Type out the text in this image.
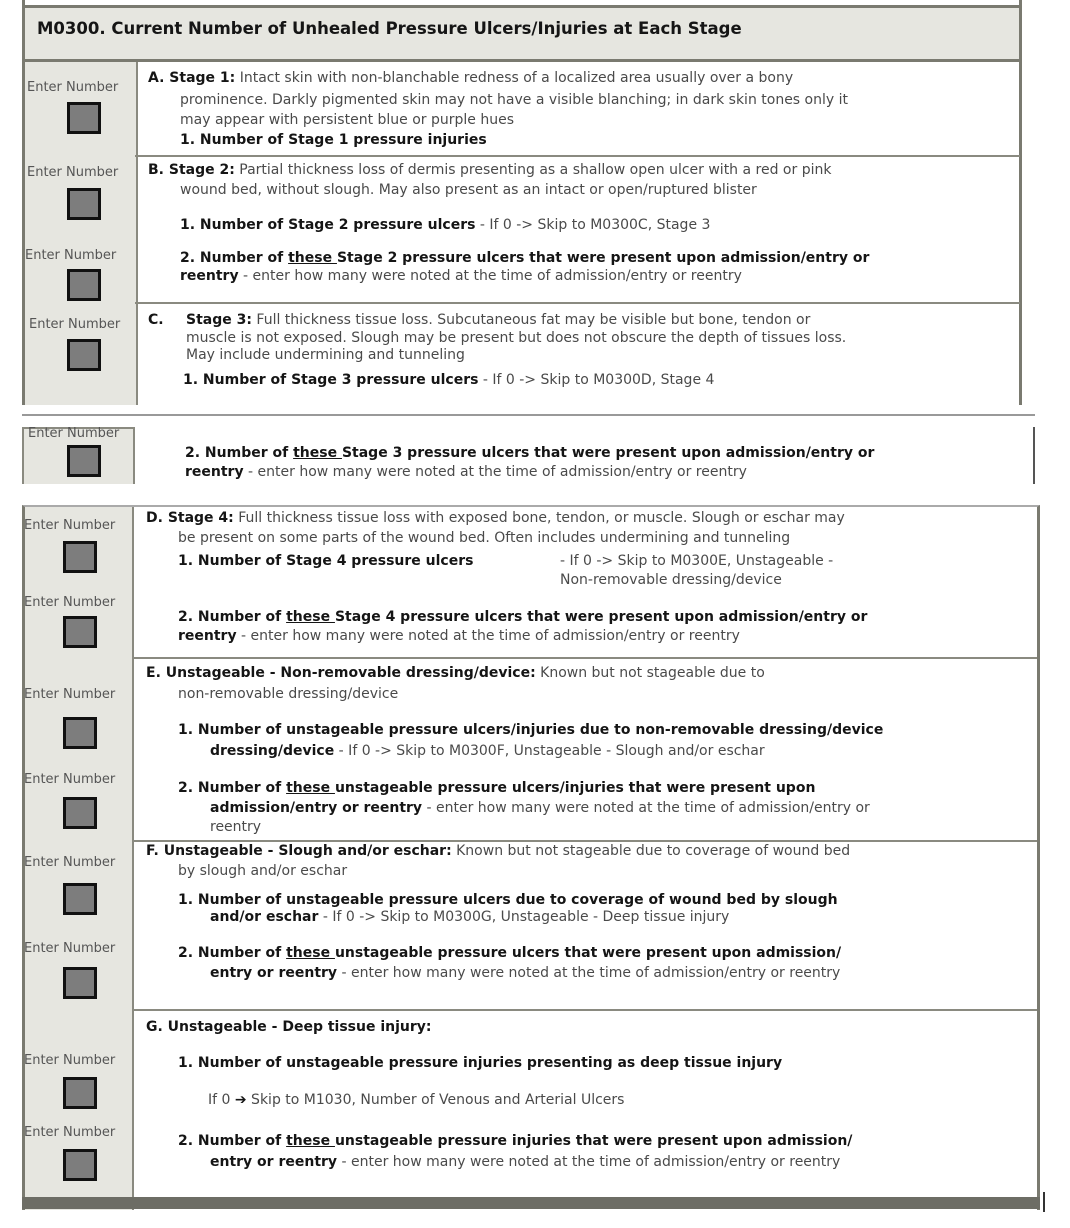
M0300. Current Number of Unhealed Pressure Ulcers/Injuries at Each Stage
A. Stage 1: Intact skin with non-blanchable redness of a localized area usually over a bony
prominence. Darkly pigmented skin may not have a visible blanching; in dark skin tones only it
may appear with persistent blue or purple hues
1. Number of Stage 1 pressure injuries
B. Stage 2: Partial thickness loss of dermis presenting as a shallow open ulcer with a red or pink
wound bed, without slough. May also present as an intact or open/ruptured blister
1. Number of Stage 2 pressure ulcers - If 0 -> Skip to M0300C, Stage 3
2. Number of these Stage 2 pressure ulcers that were present upon admission/entry or
reentry - enter how many were noted at the time of admission/entry or reentry
C. Stage 3: Full thickness tissue loss. Subcutaneous fat may be visible but bone, tendon or
muscle is not exposed. Slough may be present but does not obscure the depth of tissues loss.
May include undermining and tunneling
1. Number of Stage 3 pressure ulcers - If 0 -> Skip to M0300D, Stage 4
2. Number of these Stage 3 pressure ulcers that were present upon admission/entry or
reentry - enter how many were noted at the time of admission/entry or reentry
D. Stage 4: Full thickness tissue loss with exposed bone, tendon, or muscle. Slough or eschar may
be present on some parts of the wound bed. Often includes undermining and tunneling
1. Number of Stage 4 pressure ulcers	- If 0 -> Skip to M0300E, Unstageable -
Non-removable dressing/device
2. Number of these Stage 4 pressure ulcers that were present upon admission/entry or
reentry - enter how many were noted at the time of admission/entry or reentry
E. Unstageable - Non-removable dressing/device: Known but not stageable due to
non-removable dressing/device
1. Number of unstageable pressure ulcers/injuries due to non-removable dressing/device
dressing/device - If 0 -> Skip to M0300F, Unstageable - Slough and/or eschar
2. Number of these unstageable pressure ulcers/injuries that were present upon
admission/entry or reentry - enter how many were noted at the time of admission/entry or
reentry
F. Unstageable - Slough and/or eschar: Known but not stageable due to coverage of wound bed
by slough and/or eschar
1. Number of unstageable pressure ulcers due to coverage of wound bed by slough
and/or eschar - If 0 -> Skip to M0300G, Unstageable - Deep tissue injury
2. Number of these unstageable pressure ulcers that were present upon admission/
entry or reentry - enter how many were noted at the time of admission/entry or reentry
G. Unstageable - Deep tissue injury:
1. Number of unstageable pressure injuries presenting as deep tissue injury
If 0 ➔ Skip to M1030, Number of Venous and Arterial Ulcers
2. Number of these unstageable pressure injuries that were present upon admission/
entry or reentry - enter how many were noted at the time of admission/entry or reentry
Enter Number
Enter Number
Enter Number
Enter Number
Enter Number
Enter Number
Enter Number
Enter Number
Enter Number
Enter Number
Enter Number
Enter Number
Enter Number
